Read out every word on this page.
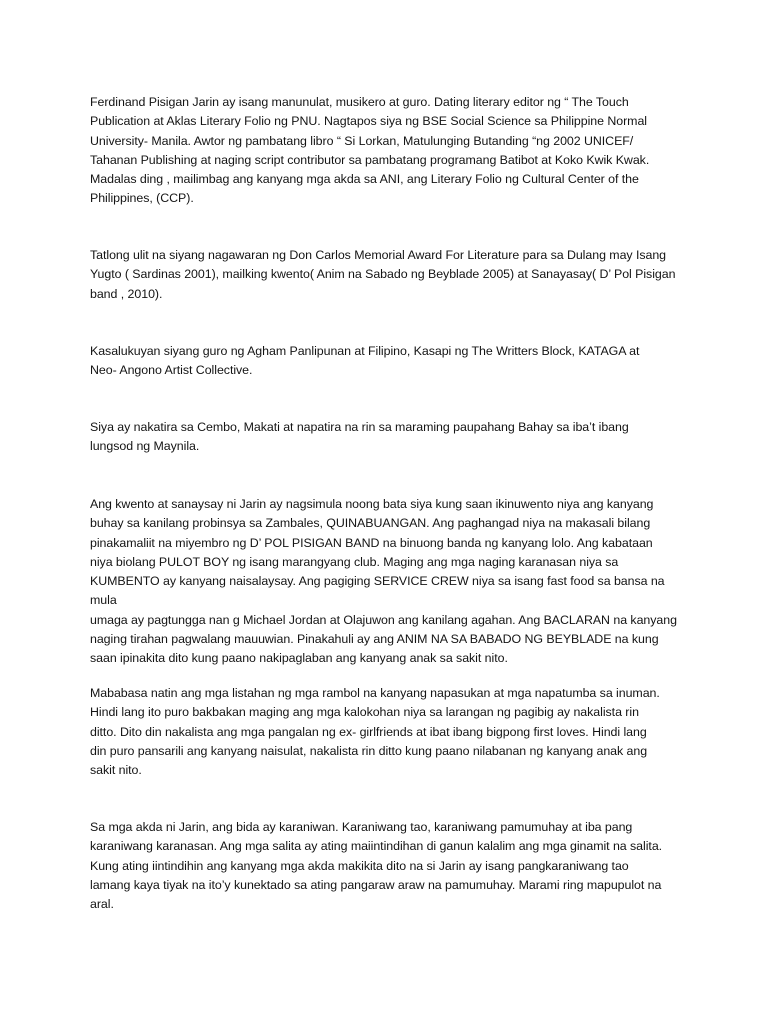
Ferdinand Pisigan Jarin ay isang manunulat, musikero at guro. Dating literary editor ng “ The Touch
Publication at Aklas Literary Folio ng PNU. Nagtapos siya ng BSE Social Science sa Philippine Normal
University- Manila. Awtor ng pambatang libro “ Si Lorkan, Matulunging Butanding “ng 2002 UNICEF/
Tahanan Publishing at naging script contributor sa pambatang programang Batibot at Koko Kwik Kwak.
Madalas ding , mailimbag ang kanyang mga akda sa ANI, ang Literary Folio ng Cultural Center of the
Philippines, (CCP).

Tatlong ulit na siyang nagawaran ng Don Carlos Memorial Award For Literature para sa Dulang may Isang
Yugto ( Sardinas 2001), mailking kwento( Anim na Sabado ng Beyblade 2005) at Sanayasay( D’ Pol Pisigan
band , 2010).

Kasalukuyan siyang guro ng Agham Panlipunan at Filipino, Kasapi ng The Writters Block, KATAGA at
Neo- Angono Artist Collective.

Siya ay nakatira sa Cembo, Makati at napatira na rin sa maraming paupahang Bahay sa iba’t ibang
lungsod ng Maynila.

Ang kwento at sanaysay ni Jarin ay nagsimula noong bata siya kung saan ikinuwento niya ang kanyang
buhay sa kanilang probinsya sa Zambales, QUINABUANGAN. Ang paghangad niya na makasali bilang
pinakamaliit na miyembro ng D’ POL PISIGAN BAND na binuong banda ng kanyang lolo. Ang kabataan
niya biolang PULOT BOY ng isang marangyang club. Maging ang mga naging karanasan niya sa
KUMBENTO ay kanyang naisalaysay. Ang pagiging SERVICE CREW niya sa isang fast food sa bansa na mula
umaga ay pagtungga nan g Michael Jordan at Olajuwon ang kanilang agahan. Ang BACLARAN na kanyang
naging tirahan pagwalang mauuwian. Pinakahuli ay ang ANIM NA SA BABADO NG BEYBLADE na kung
saan ipinakita dito kung paano nakipaglaban ang kanyang anak sa sakit nito.

Mababasa natin ang mga listahan ng mga rambol na kanyang napasukan at mga napatumba sa inuman.
Hindi lang ito puro bakbakan maging ang mga kalokohan niya sa larangan ng pagibig ay nakalista rin
ditto. Dito din nakalista ang mga pangalan ng ex- girlfriends at ibat ibang bigpong first loves. Hindi lang
din puro pansarili ang kanyang naisulat, nakalista rin ditto kung paano nilabanan ng kanyang anak ang
sakit nito.

Sa mga akda ni Jarin, ang bida ay karaniwan. Karaniwang tao, karaniwang pamumuhay at iba pang
karaniwang karanasan. Ang mga salita ay ating maiintindihan di ganun kalalim ang mga ginamit na salita.
Kung ating iintindihin ang kanyang mga akda makikita dito na si Jarin ay isang pangkaraniwang tao
lamang kaya tiyak na ito’y kunektado sa ating pangaraw araw na pamumuhay. Marami ring mapupulot na
aral.
